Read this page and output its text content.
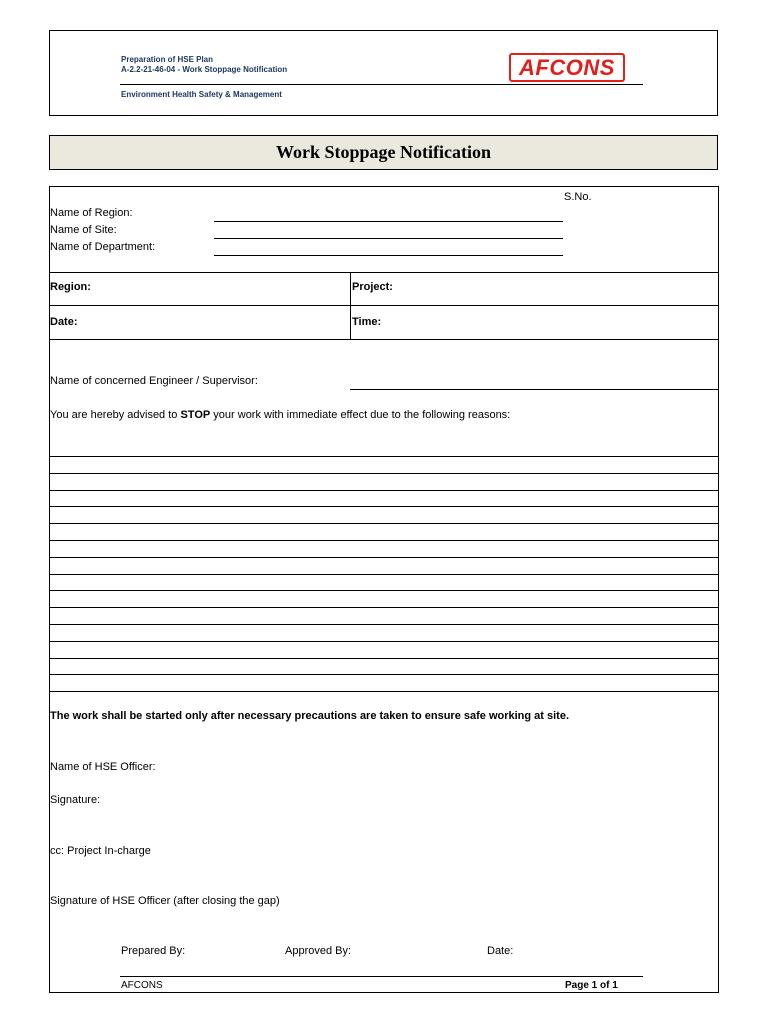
Preparation of HSE Plan
A-2.2-21-46-04 - Work Stoppage Notification
Environment Health Safety & Management
AFCONS
Work Stoppage Notification
S.No.
Name of Region:
Name of Site:
Name of Department:
Region:	Project:
Date:	Time:
Name of concerned Engineer / Supervisor:
You are hereby advised to STOP your work with immediate effect due to the following reasons:
The work shall be started only after necessary precautions are taken to ensure safe working at site.
Name of HSE Officer:
Signature:
cc: Project In-charge
Signature of HSE Officer (after closing the gap)
Prepared By:	Approved By:	Date:
AFCONS	Page 1 of 1
